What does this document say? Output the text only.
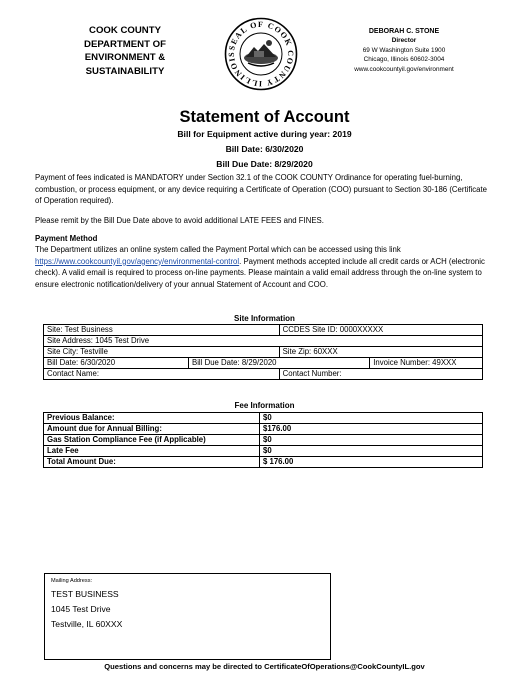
COOK COUNTY
DEPARTMENT OF
ENVIRONMENT &
SUSTAINABILITY
SEAL OF COOK COUNTY ILLINOIS
DEBORAH C. STONE
Director
69 W Washington Suite 1900
Chicago, Illinois 60602-3004
www.cookcountyil.gov/environment
Statement of Account
Bill for Equipment active during year: 2019
Bill Date: 6/30/2020
Bill Due Date: 8/29/2020
Payment of fees indicated is MANDATORY under Section 32.1 of the COOK COUNTY Ordinance for operating fuel-burning, combustion, or process equipment, or any device requiring a Certificate of Operation (COO) pursuant to Section 30-186 (Certificate of Operation required).
Please remit by the Bill Due Date above to avoid additional LATE FEES and FINES.
Payment Method
The Department utilizes an online system called the Payment Portal which can be accessed using this link https://www.cookcountyil.gov/agency/environmental-control. Payment methods accepted include all credit cards or ACH (electronic check). A valid email is required to process on-line payments. Please maintain a valid email address through the on-line system to ensure electronic notification/delivery of your annual Statement of Account and COO.
Site Information
Site: Test Business		CCDES Site ID: 0000XXXXX	
Site Address: 1045 Test Drive			
Site City: Testville		Site Zip: 60XXX	
Bill Date: 6/30/2020	Bill Due Date: 8/29/2020		Invoice Number: 49XXX
Contact Name:		Contact Number:	
Fee Information
Previous Balance:	$0
Amount due for Annual Billing:	$176.00
Gas Station Compliance Fee (if Applicable)	$0
Late Fee	$0
Total Amount Due:	$ 176.00
Mailing Address:
TEST BUSINESS
1045 Test Drive
Testville, IL 60XXX
Questions and concerns may be directed to CertificateOfOperations@CookCountyIL.gov
